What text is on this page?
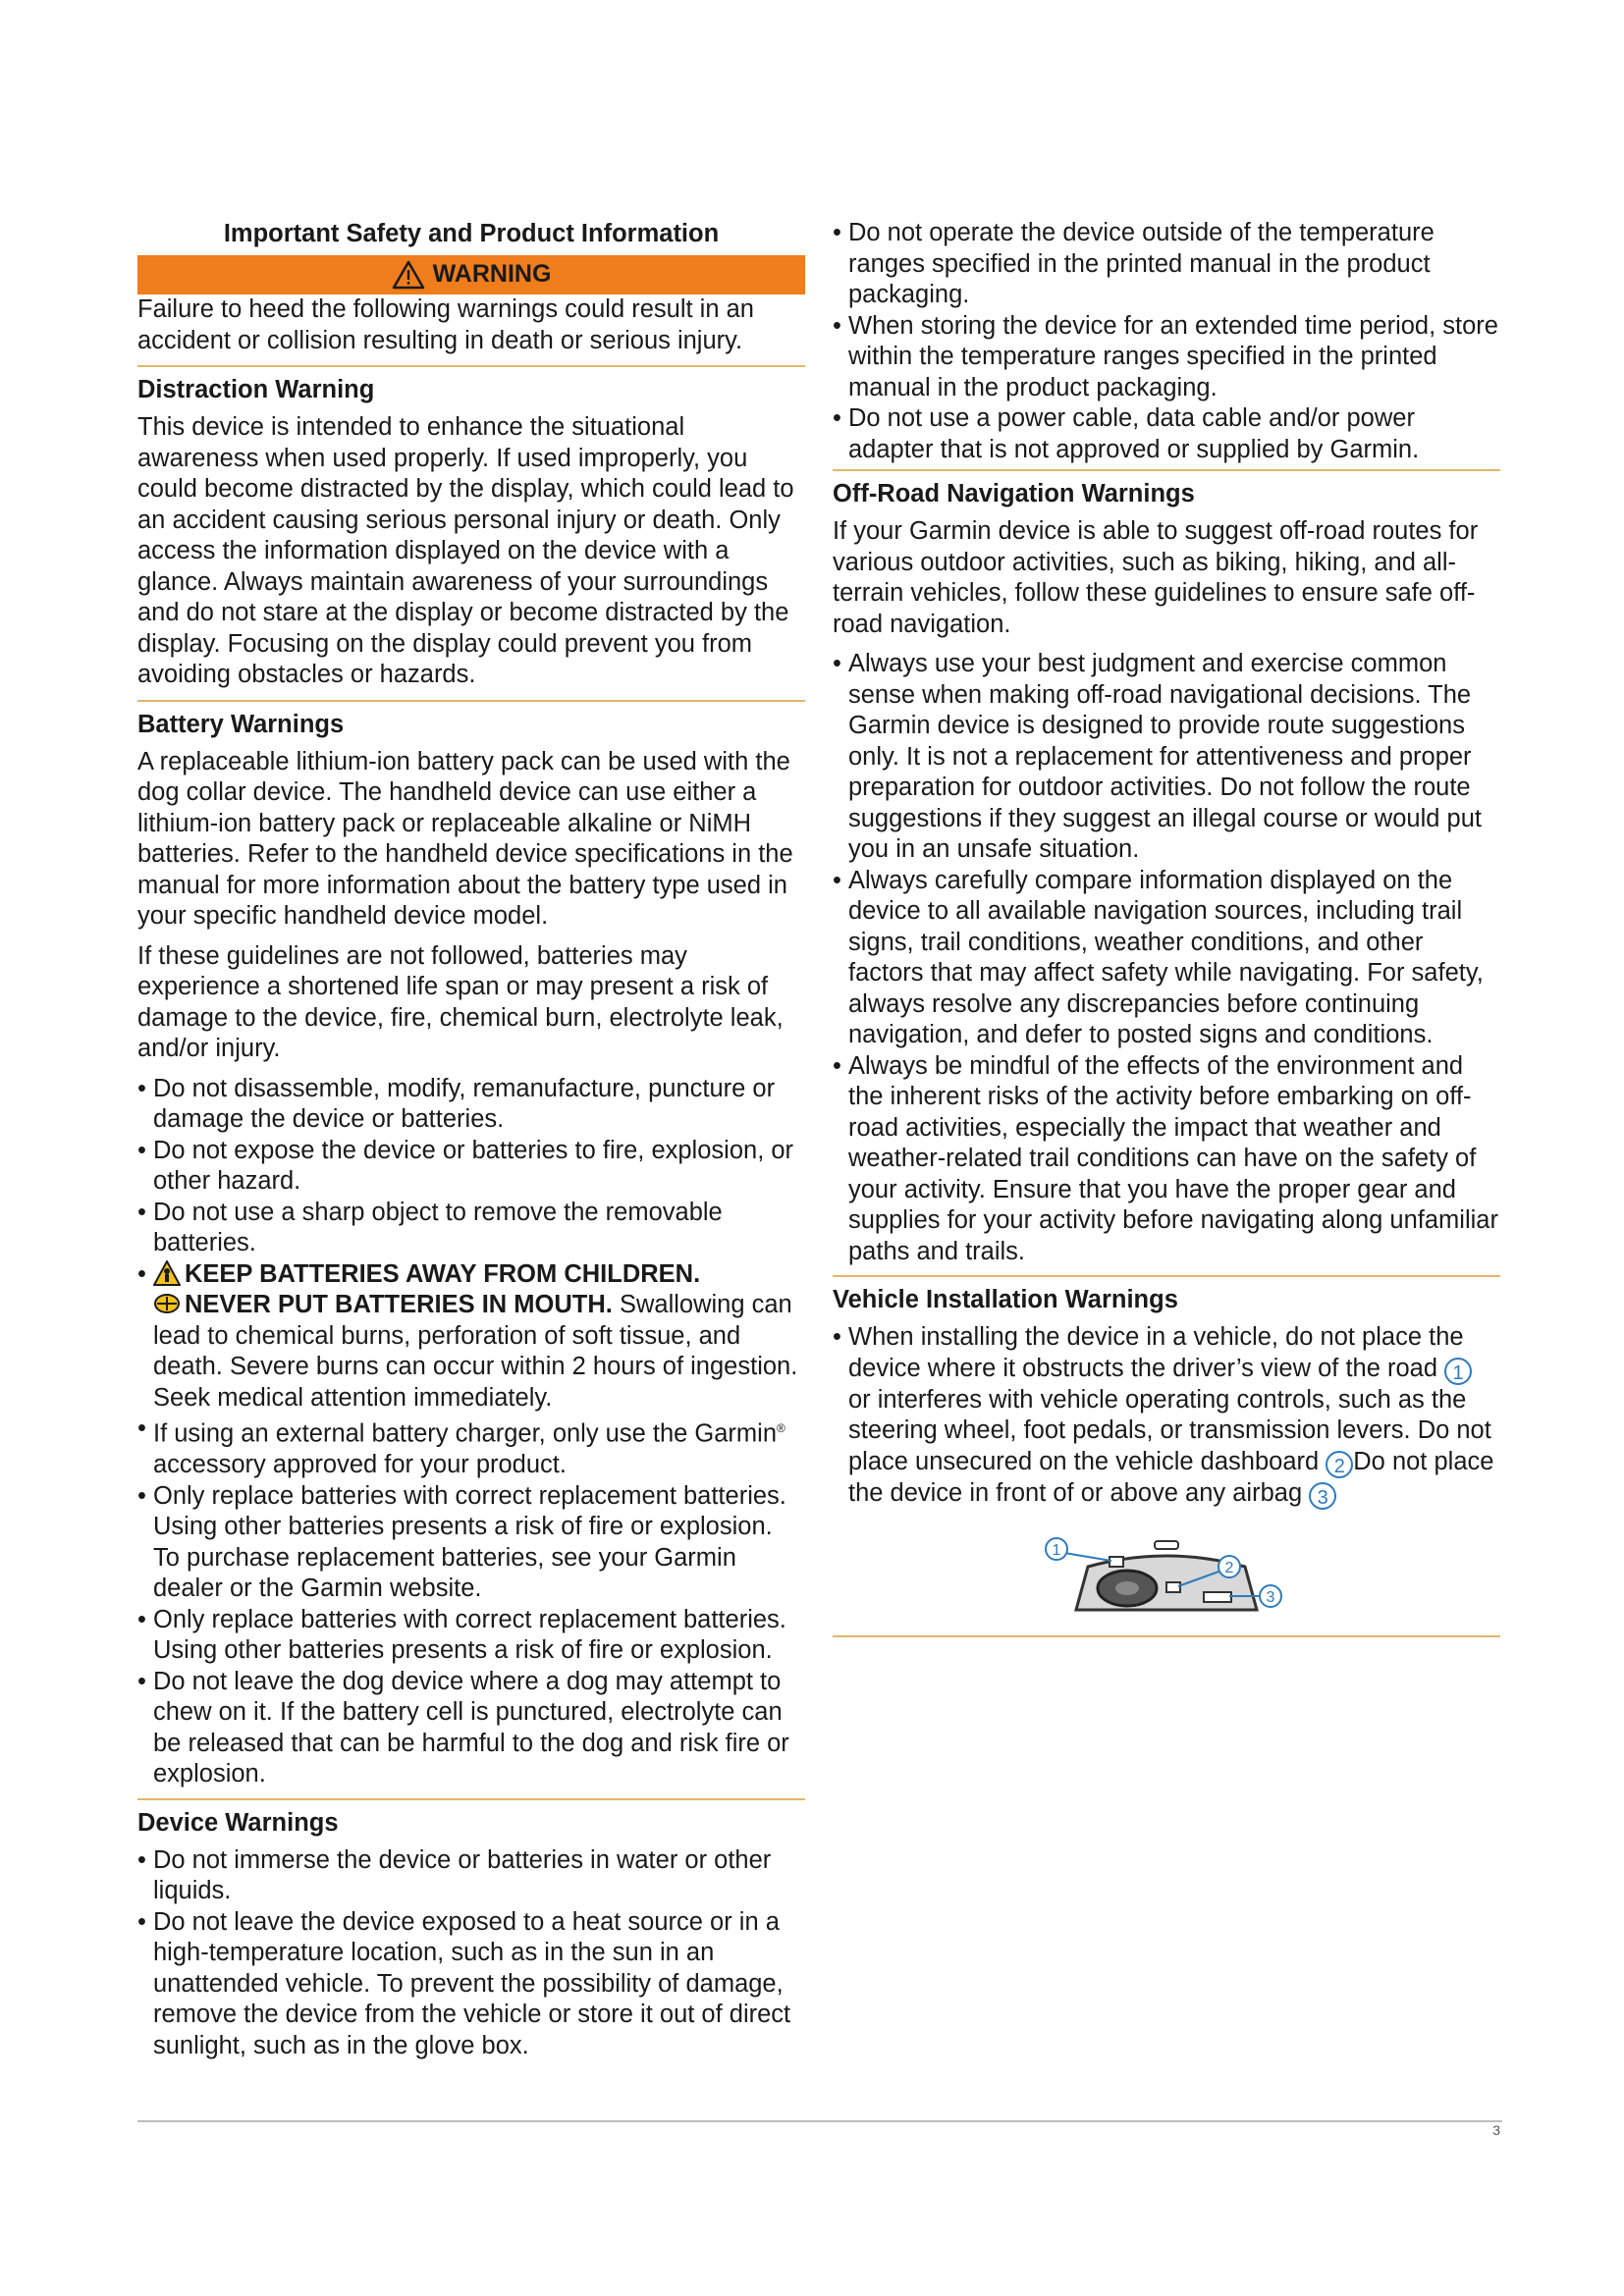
Important Safety and Product Information
WARNING

Failure to heed the following warnings could result in an accident or collision resulting in death or serious injury.

Distraction Warning

This device is intended to enhance the situational awareness when used properly. If used improperly, you could become distracted by the display, which could lead to an accident causing serious personal injury or death. Only access the information displayed on the device with a glance. Always maintain awareness of your surroundings and do not stare at the display or become distracted by the display. Focusing on the display could prevent you from avoiding obstacles or hazards.

Battery Warnings

A replaceable lithium-ion battery pack can be used with the dog collar device. The handheld device can use either a lithium-ion battery pack or replaceable alkaline or NiMH batteries. Refer to the handheld device specifications in the manual for more information about the battery type used in your specific handheld device model.

If these guidelines are not followed, batteries may experience a shortened life span or may present a risk of damage to the device, fire, chemical burn, electrolyte leak, and/or injury.

• Do not disassemble, modify, remanufacture, puncture or damage the device or batteries.
• Do not expose the device or batteries to fire, explosion, or other hazard.
• Do not use a sharp object to remove the removable batteries.
• KEEP BATTERIES AWAY FROM CHILDREN.
NEVER PUT BATTERIES IN MOUTH. Swallowing can lead to chemical burns, perforation of soft tissue, and death. Severe burns can occur within 2 hours of ingestion. Seek medical attention immediately.
• If using an external battery charger, only use the Garmin® accessory approved for your product.
• Only replace batteries with correct replacement batteries. Using other batteries presents a risk of fire or explosion. To purchase replacement batteries, see your Garmin dealer or the Garmin website.
• Only replace batteries with correct replacement batteries. Using other batteries presents a risk of fire or explosion.
• Do not leave the dog device where a dog may attempt to chew on it. If the battery cell is punctured, electrolyte can be released that can be harmful to the dog and risk fire or explosion.
Device Warnings
• Do not immerse the device or batteries in water or other liquids.
• Do not leave the device exposed to a heat source or in a high-temperature location, such as in the sun in an unattended vehicle. To prevent the possibility of damage, remove the device from the vehicle or store it out of direct sunlight, such as in the glove box.
• Do not operate the device outside of the temperature ranges specified in the printed manual in the product packaging.
• When storing the device for an extended time period, store within the temperature ranges specified in the printed manual in the product packaging.
• Do not use a power cable, data cable and/or power adapter that is not approved or supplied by Garmin.
Off-Road Navigation Warnings

If your Garmin device is able to suggest off-road routes for various outdoor activities, such as biking, hiking, and all-terrain vehicles, follow these guidelines to ensure safe off-road navigation.

• Always use your best judgment and exercise common sense when making off-road navigational decisions. The Garmin device is designed to provide route suggestions only. It is not a replacement for attentiveness and proper preparation for outdoor activities. Do not follow the route suggestions if they suggest an illegal course or would put you in an unsafe situation.
• Always carefully compare information displayed on the device to all available navigation sources, including trail signs, trail conditions, weather conditions, and other factors that may affect safety while navigating. For safety, always resolve any discrepancies before continuing navigation, and defer to posted signs and conditions.
• Always be mindful of the effects of the environment and the inherent risks of the activity before embarking on off-road activities, especially the impact that weather and weather-related trail conditions can have on the safety of your activity. Ensure that you have the proper gear and supplies for your activity before navigating along unfamiliar paths and trails.
Vehicle Installation Warnings
• When installing the device in a vehicle, do not place the device where it obstructs the driver’s view of the road 1 or interferes with vehicle operating controls, such as the steering wheel, foot pedals, or transmission levers. Do not place unsecured on the vehicle dashboard 2 Do not place the device in front of or above any airbag 3
1
2
3
3
